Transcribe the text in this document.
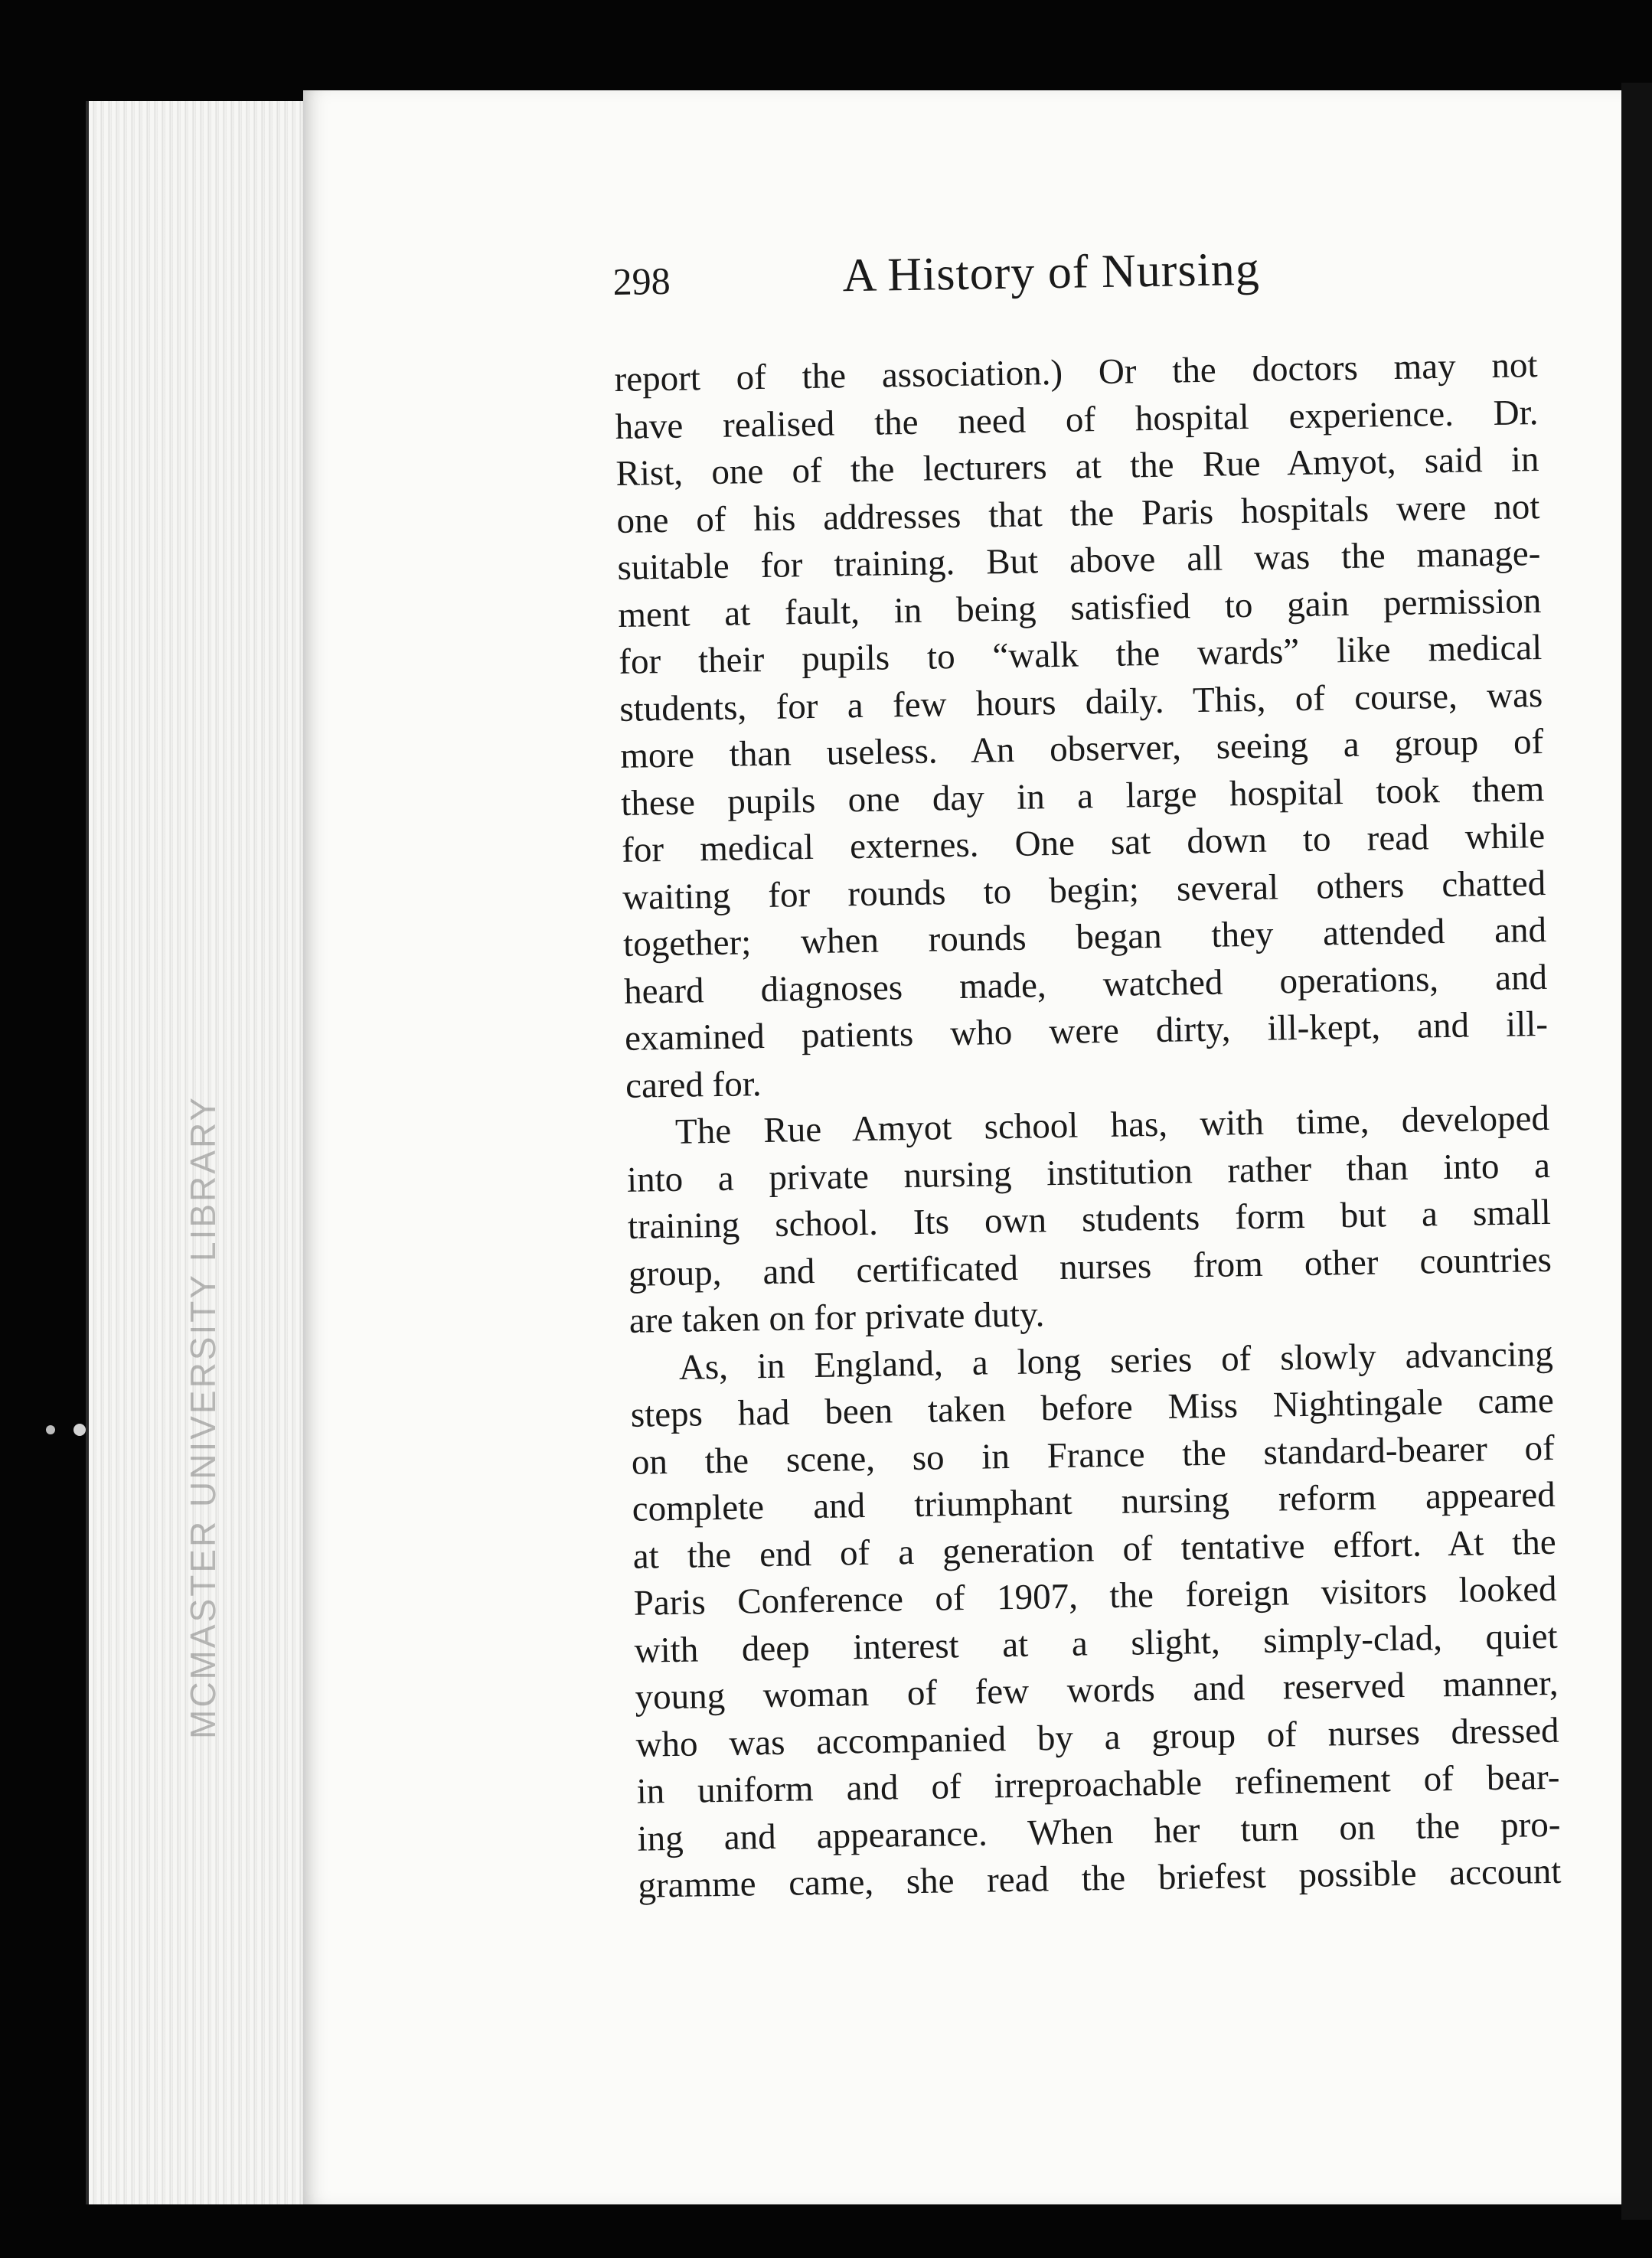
MCMASTER UNIVERSITY LIBRARY
298	A History of Nursing

report of the association.) Or the doctors may not
have realised the need of hospital experience. Dr.
Rist, one of the lecturers at the Rue Amyot, said in
one of his addresses that the Paris hospitals were not
suitable for training. But above all was the manage-
ment at fault, in being satisfied to gain permission
for their pupils to “walk the wards” like medical
students, for a few hours daily. This, of course, was
more than useless. An observer, seeing a group of
these pupils one day in a large hospital took them
for medical externes. One sat down to read while
waiting for rounds to begin; several others chatted
together; when rounds began they attended and
heard diagnoses made, watched operations, and
examined patients who were dirty, ill-kept, and ill-
cared for.

The Rue Amyot school has, with time, developed
into a private nursing institution rather than into a
training school. Its own students form but a small
group, and certificated nurses from other countries
are taken on for private duty.

As, in England, a long series of slowly advancing
steps had been taken before Miss Nightingale came
on the scene, so in France the standard-bearer of
complete and triumphant nursing reform appeared
at the end of a generation of tentative effort. At the
Paris Conference of 1907, the foreign visitors looked
with deep interest at a slight, simply-clad, quiet
young woman of few words and reserved manner,
who was accompanied by a group of nurses dressed
in uniform and of irreproachable refinement of bear-
ing and appearance. When her turn on the pro-
gramme came, she read the briefest possible account
